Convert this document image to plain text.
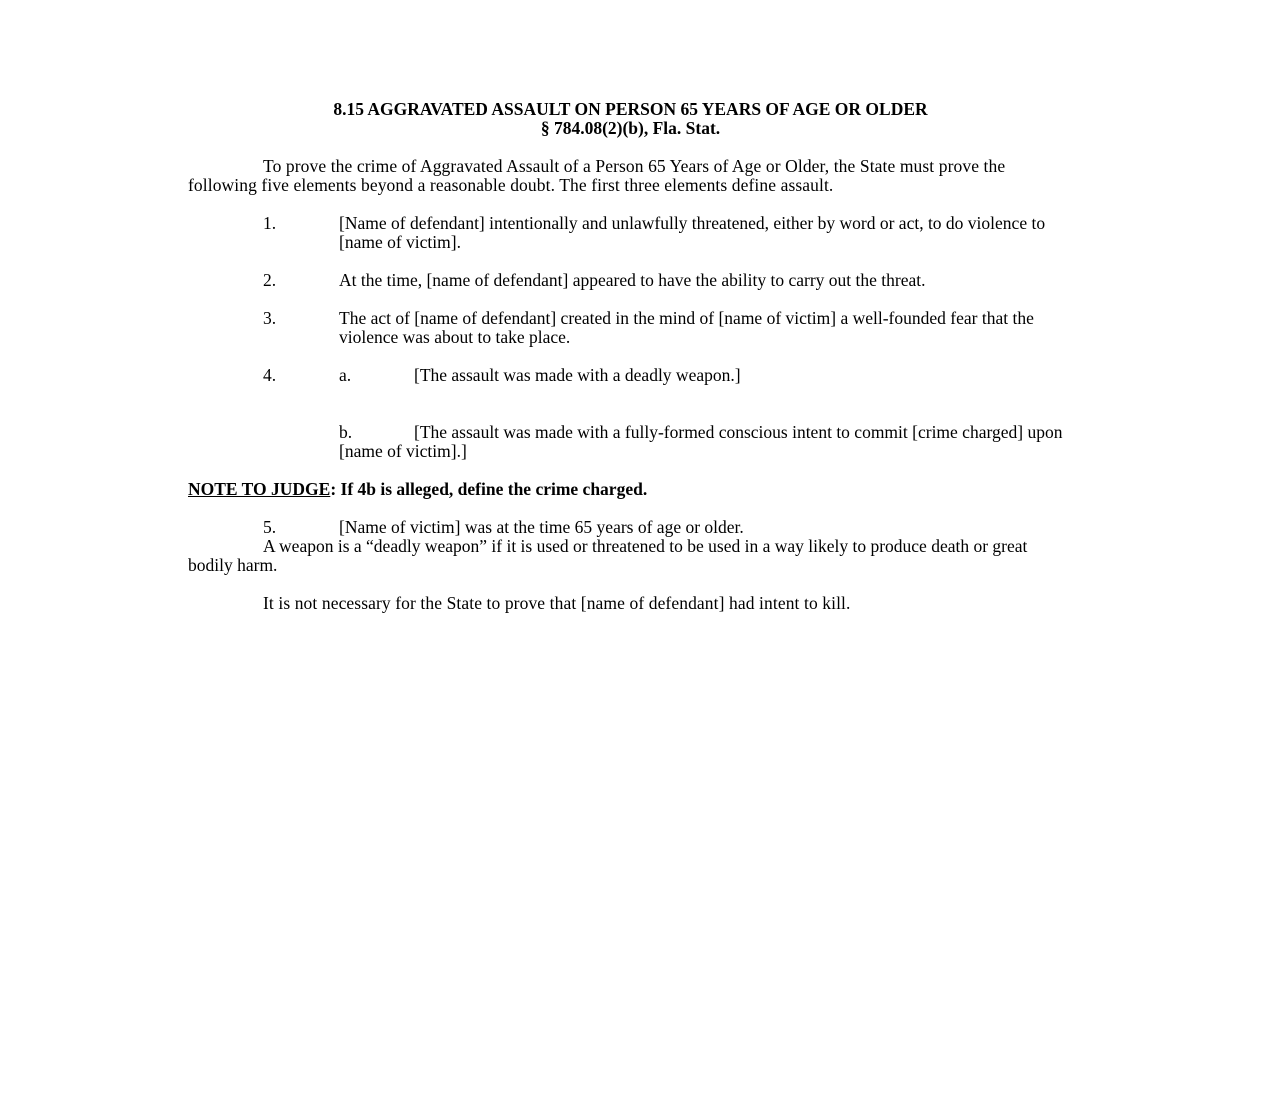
8.15 AGGRAVATED ASSAULT ON PERSON 65 YEARS OF AGE OR OLDER
§ 784.08(2)(b), Fla. Stat.

To prove the crime of Aggravated Assault of a Person 65 Years of Age or Older, the State must prove the following five elements beyond a reasonable doubt. The first three elements define assault.

1.	[Name of defendant] intentionally and unlawfully threatened, either by word or act, to do violence to [name of victim].
2.	At the time, [name of defendant] appeared to have the ability to carry out the threat.
3.	The act of [name of defendant] created in the mind of [name of victim] a well-founded fear that the violence was about to take place.
4.	a.	[The assault was made with a deadly weapon.]
b.	[The assault was made with a fully-formed conscious intent to commit [crime charged] upon [name of victim].]

NOTE TO JUDGE: If 4b is alleged, define the crime charged.

5.	[Name of victim] was at the time 65 years of age or older.

A weapon is a “deadly weapon” if it is used or threatened to be used in a way likely to produce death or great bodily harm.

It is not necessary for the State to prove that [name of defendant] had intent to kill.
